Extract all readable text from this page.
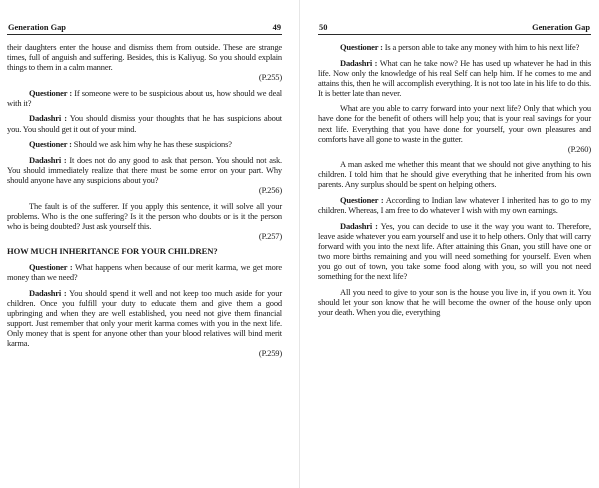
Generation Gap	49

their daughters enter the house and dismiss them from outside. These are strange times, full of anguish and suffering. Besides, this is Kaliyug. So you should explain things to them in a calm manner.
(P.255)

Questioner : If someone were to be suspicious about us, how should we deal with it?

Dadashri : You should dismiss your thoughts that he has suspicions about you. You should get it out of your mind.

Questioner : Should we ask him why he has these suspicions?

Dadashri : It does not do any good to ask that person. You should not ask. You should immediately realize that there must be some error on your part. Why should anyone have any suspicions about you?
(P.256)

The fault is of the sufferer. If you apply this sentence, it will solve all your problems. Who is the one suffering? Is it the person who doubts or is it the person who is being doubted? Just ask yourself this.
(P.257)

HOW MUCH INHERITANCE FOR YOUR CHILDREN?

Questioner : What happens when because of our merit karma, we get more money than we need?

Dadashri : You should spend it well and not keep too much aside for your children. Once you fulfill your duty to educate them and give them a good upbringing and when they are well established, you need not give them financial support. Just remember that only your merit karma comes with you in the next life. Only money that is spent for anyone other than your blood relatives will bind merit karma.
(P.259)

50	Generation Gap

Questioner : Is a person able to take any money with him to his next life?

Dadashri : What can he take now? He has used up whatever he had in this life. Now only the knowledge of his real Self can help him. If he comes to me and attains this, then he will accomplish everything. It is not too late in his life to do this. It is better late than never.

What are you able to carry forward into your next life? Only that which you have done for the benefit of others will help you; that is your real savings for your next life. Everything that you have done for yourself, your own pleasures and comforts have all gone to waste in the gutter.
(P.260)

A man asked me whether this meant that we should not give anything to his children. I told him that he should give everything that he inherited from his own parents. Any surplus should be spent on helping others.

Questioner : According to Indian law whatever I inherited has to go to my children. Whereas, I am free to do whatever I wish with my own earnings.

Dadashri : Yes, you can decide to use it the way you want to. Therefore, leave aside whatever you earn yourself and use it to help others. Only that will carry forward with you into the next life. After attaining this Gnan, you still have one or two more births remaining and you will need something for yourself. Even when you go out of town, you take some food along with you, so will you not need something for the next life?

All you need to give to your son is the house you live in, if you own it. You should let your son know that he will become the owner of the house only upon your death. When you die, everything
